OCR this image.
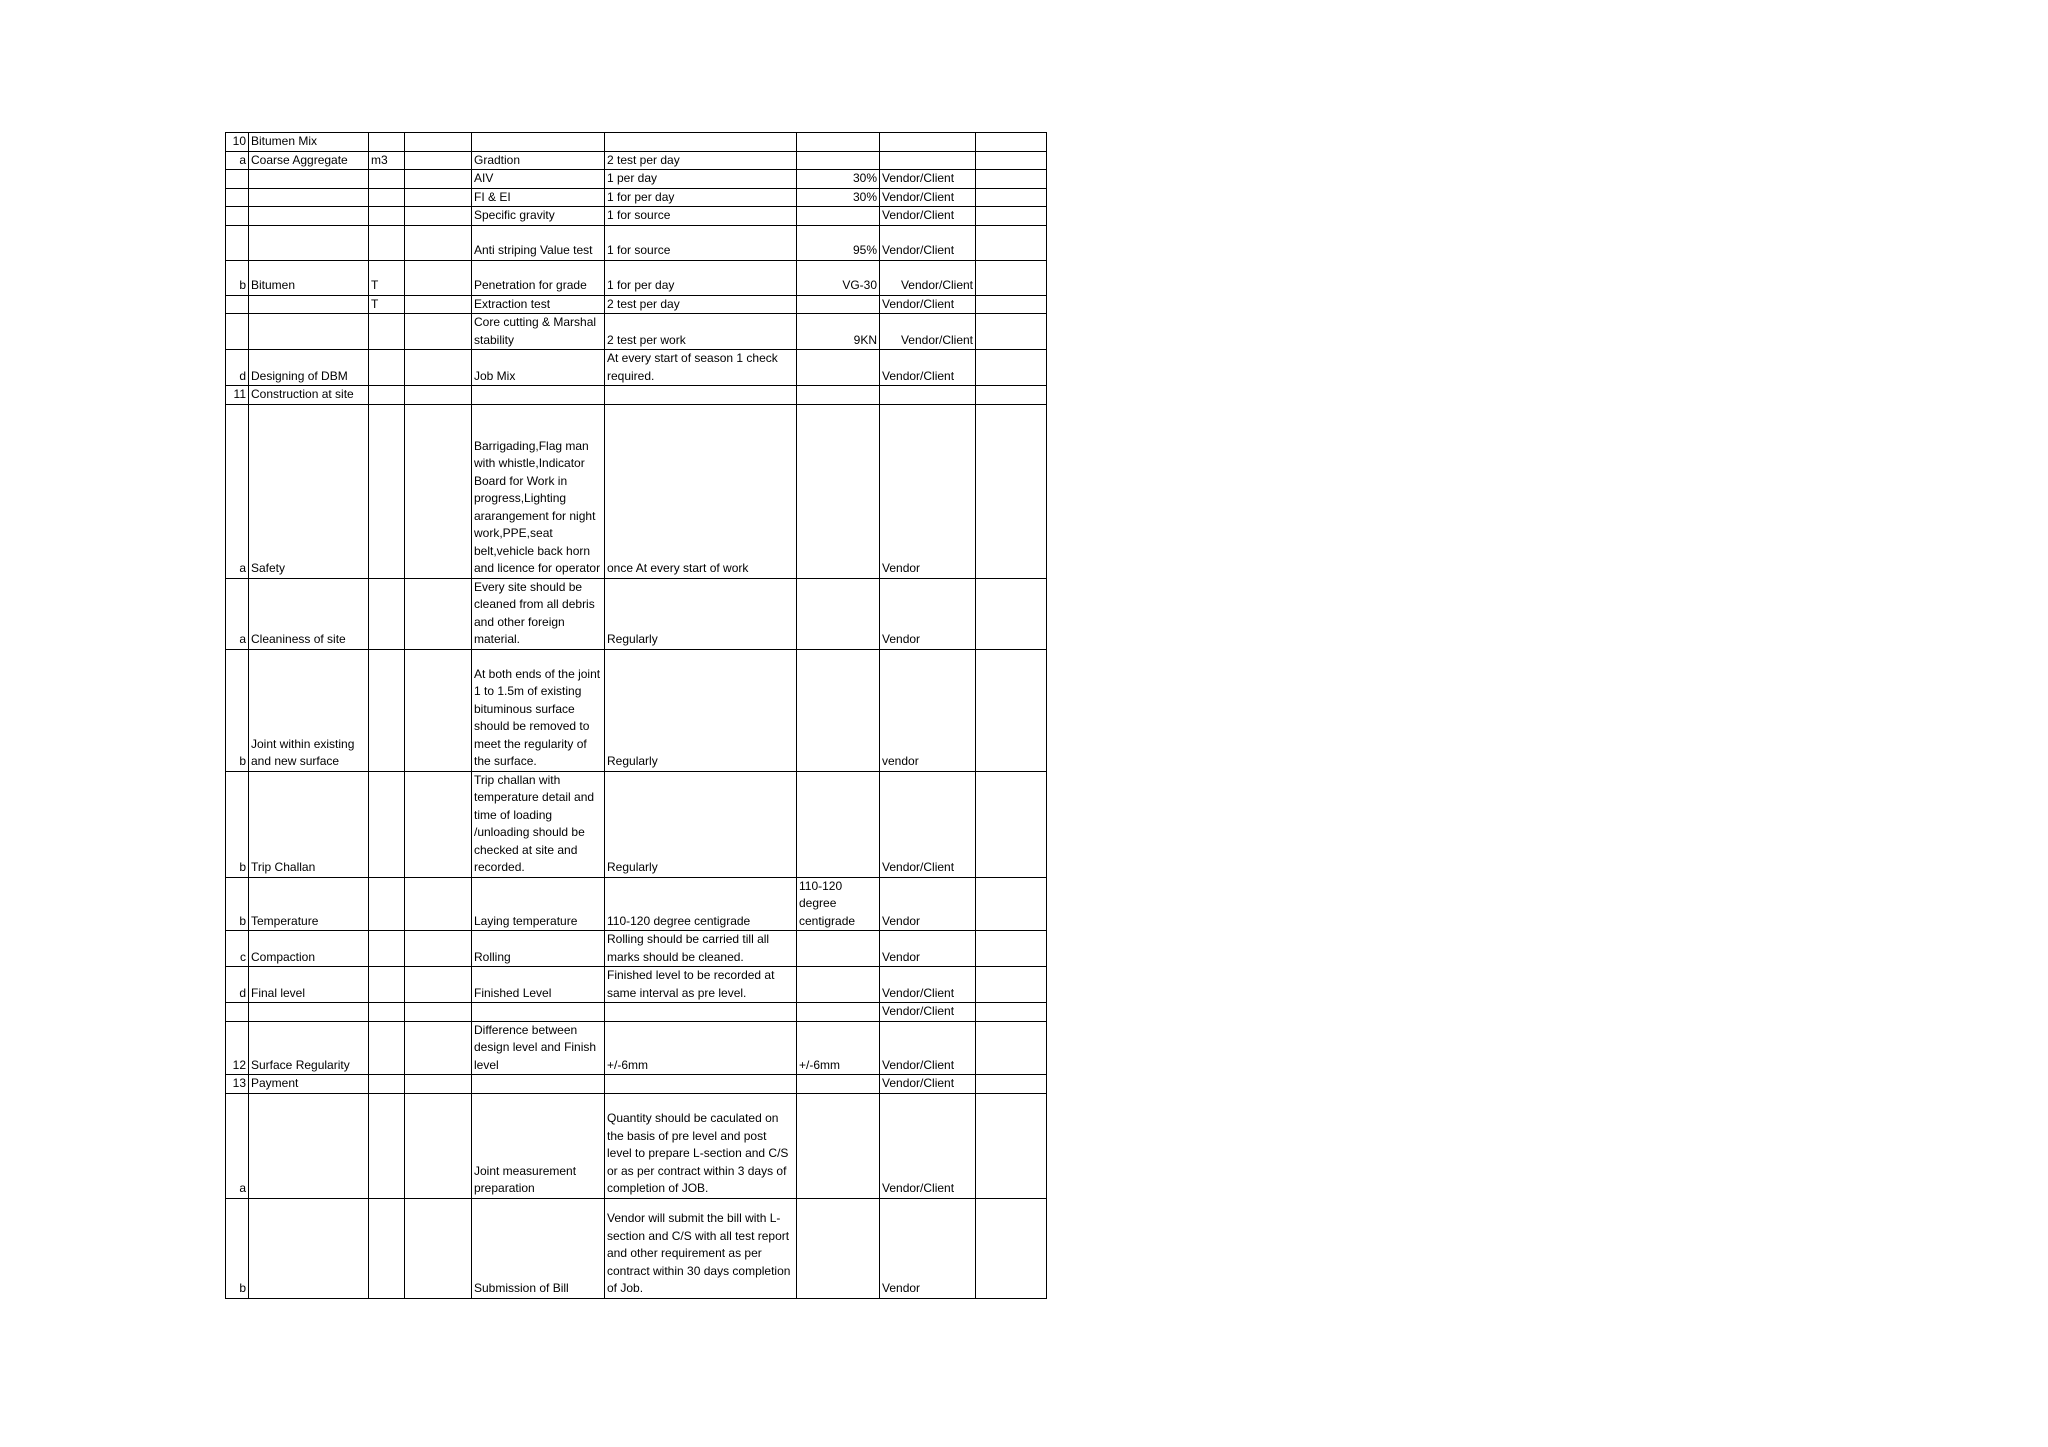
10	Bitumen Mix							
a	Coarse Aggregate	m3		Gradtion	2 test per day			
				AIV	1 per day	30%	Vendor/Client	
				FI & EI	1 for per day	30%	Vendor/Client	
				Specific gravity	1 for source		Vendor/Client	
				Anti striping Value test	1 for source	95%	Vendor/Client	
b	Bitumen	T		Penetration for grade	1 for per day	VG-30	Vendor/Client	
		T		Extraction test	2 test per day		Vendor/Client	
				Core cutting & Marshal stability	2 test per work	9KN	Vendor/Client	
d	Designing of DBM			Job Mix	At every start of season 1 check required.		Vendor/Client	
11	Construction at site							
a	Safety			Barrigading,Flag man with whistle,Indicator Board for Work in progress,Lighting ararangement for night work,PPE,seat belt,vehicle back horn and licence for operator	once At every start of work		Vendor	
a	Cleaniness of site			Every site should be cleaned from all debris and other foreign material.	Regularly		Vendor	
b	Joint within existing and new surface			At both ends of the joint 1 to 1.5m of existing bituminous surface should be removed to meet the regularity of the surface.	Regularly		vendor	
b	Trip Challan			Trip challan with temperature detail and time of loading /unloading should be checked at site and recorded.	Regularly		Vendor/Client	
b	Temperature			Laying temperature	110-120 degree centigrade	110-120 degree centigrade	Vendor	
c	Compaction			Rolling	Rolling should be carried till all marks should be cleaned.		Vendor	
d	Final level			Finished Level	Finished level to be recorded at same interval as pre level.		Vendor/Client	
							Vendor/Client	
12	Surface Regularity			Difference between design level and Finish level	+/-6mm	+/-6mm	Vendor/Client	
13	Payment						Vendor/Client	
a				Joint measurement preparation	Quantity should be caculated on the basis of pre level and post level to prepare L-section and C/S or as per contract within 3 days of completion of JOB.		Vendor/Client	
b				Submission of Bill	Vendor will submit the bill with L-section and C/S with all test report and other requirement as per contract within 30 days completion of Job.		Vendor	
